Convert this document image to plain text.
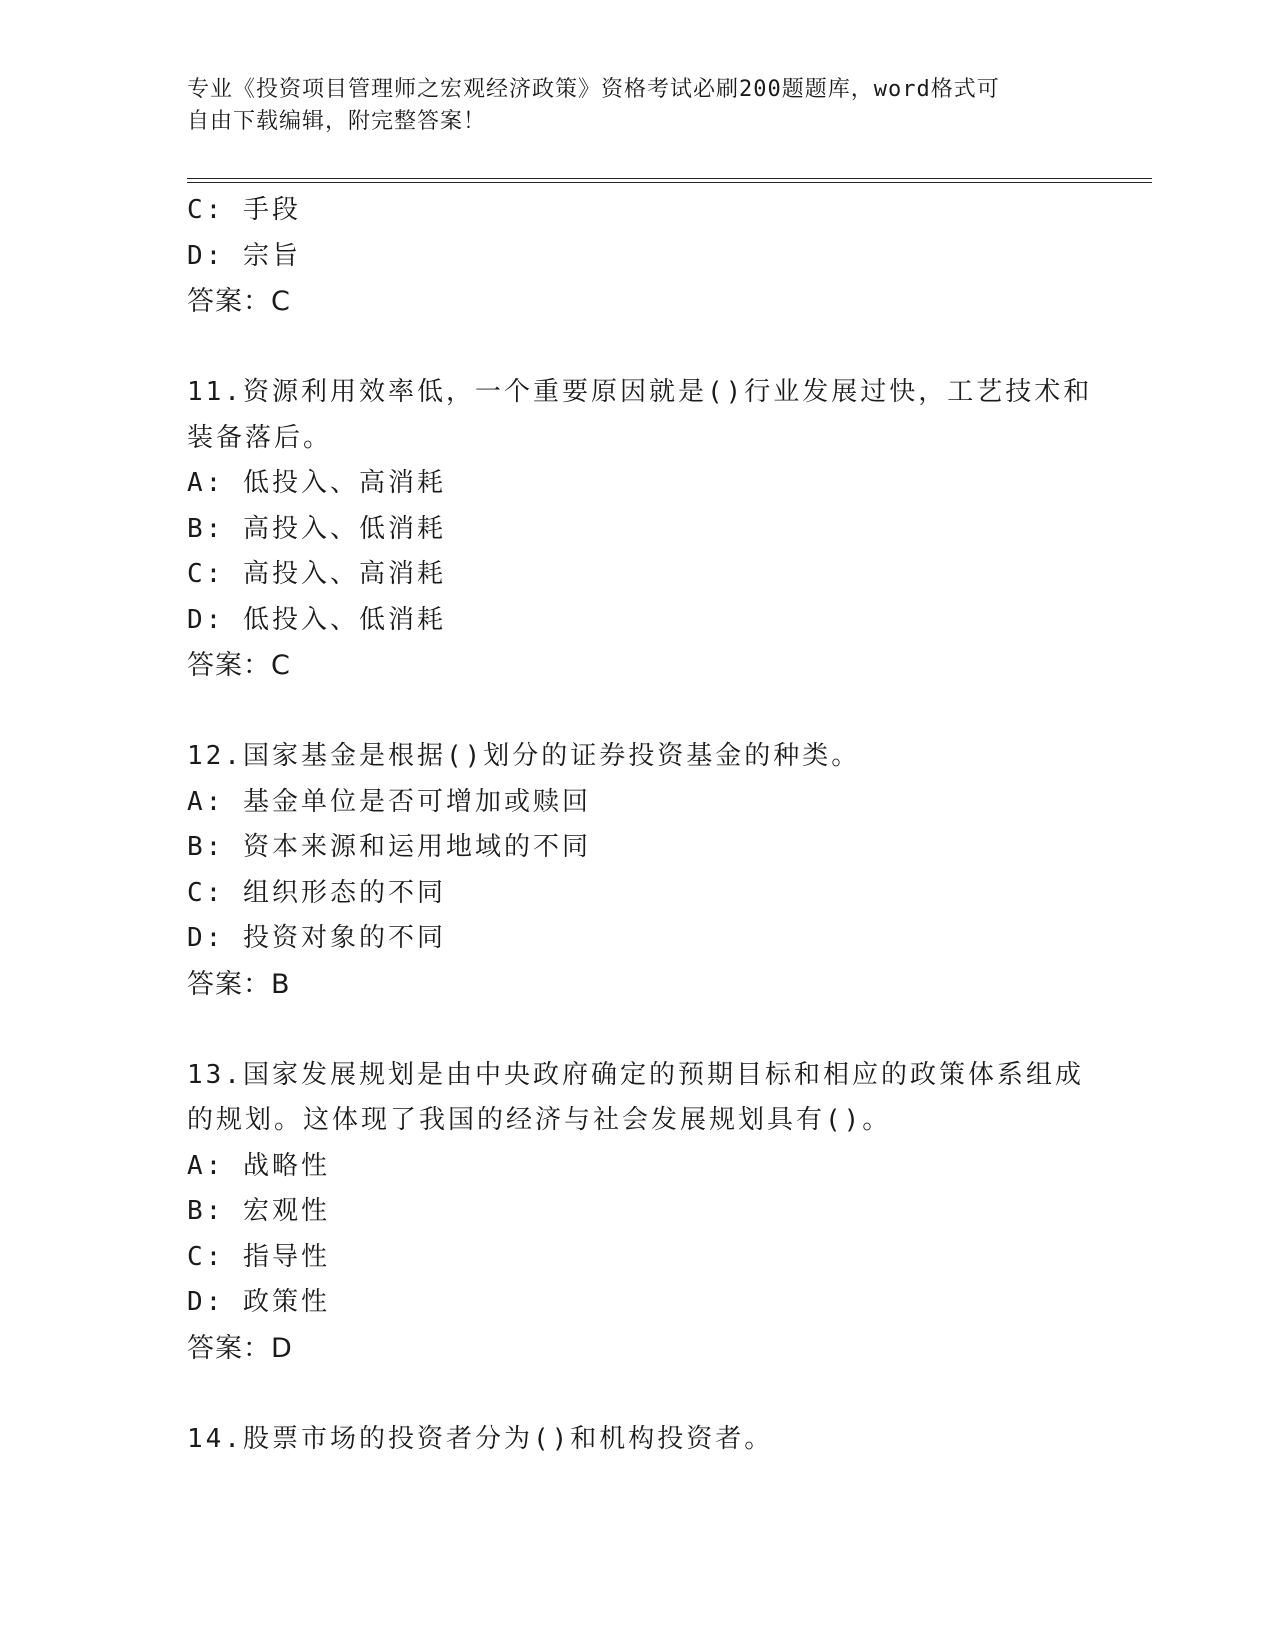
专业《投资项目管理师之宏观经济政策》资格考试必刷200题题库，word格式可
自由下载编辑，附完整答案！
C: 手段
D: 宗旨
答案：C
11.资源利用效率低，一个重要原因就是()行业发展过快，工艺技术和
装备落后。
A: 低投入、高消耗
B: 高投入、低消耗
C: 高投入、高消耗
D: 低投入、低消耗
答案：C
12.国家基金是根据()划分的证券投资基金的种类。
A: 基金单位是否可增加或赎回
B: 资本来源和运用地域的不同
C: 组织形态的不同
D: 投资对象的不同
答案：B
13.国家发展规划是由中央政府确定的预期目标和相应的政策体系组成
的规划。这体现了我国的经济与社会发展规划具有()。
A: 战略性
B: 宏观性
C: 指导性
D: 政策性
答案：D
14.股票市场的投资者分为()和机构投资者。
